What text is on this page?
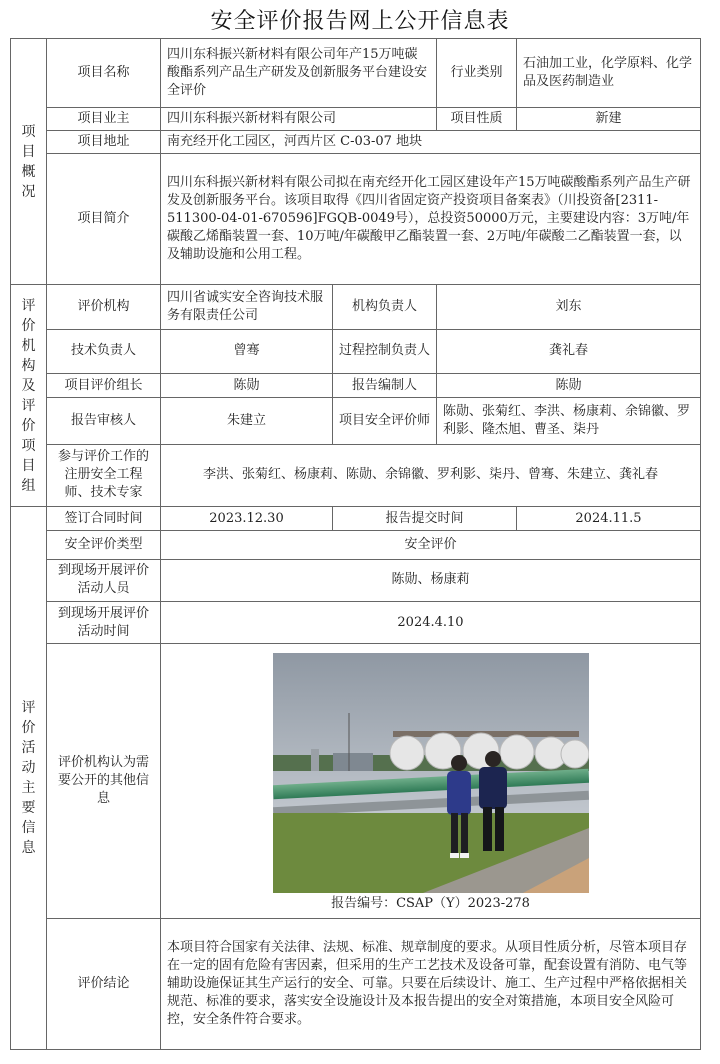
安全评价报告网上公开信息表
项目概况	项目名称	四川东科振兴新材料有限公司年产15万吨碳酸酯系列产品生产研发及创新服务平台建设安全评价		行业类别	石油加工业，化学原料、化学品及医药制造业
	项目业主	四川东科振兴新材料有限公司		项目性质	新建
	项目地址	南充经开化工园区，河西片区 C-03-07 地块			
	项目简介	四川东科振兴新材料有限公司拟在南充经开化工园区建设年产15万吨碳酸酯系列产品生产研发及创新服务平台。该项目取得《四川省固定资产投资项目备案表》（川投资备[2311-511300-04-01-670596]FGQB-0049号），总投资50000万元，主要建设内容：3万吨/年碳酸乙烯酯装置一套、10万吨/年碳酸甲乙酯装置一套、2万吨/年碳酸二乙酯装置一套，以及辅助设施和公用工程。			

评价机构及评价项目组	评价机构	四川省诚实安全咨询技术服务有限责任公司	机构负责人	刘东	
	技术负责人	曾骞	过程控制负责人	龚礼春	
	项目评价组长	陈勋	报告编制人	陈勋	
	报告审核人	朱建立	项目安全评价师	陈勋、张菊红、李洪、杨康莉、余锦徽、罗利影、隆杰旭、曹圣、柒丹	
	参与评价工作的注册安全工程师、技术专家	李洪、张菊红、杨康莉、陈勋、余锦徽、罗利影、柒丹、曾骞、朱建立、龚礼春			

评价活动主要信息	签订合同时间	2023.12.30	报告提交时间		2024.11.5
	安全评价类型	安全评价			
	到现场开展评价活动人员	陈勋、杨康莉			
	到现场开展评价活动时间	2024.4.10			
	评价机构认为需要公开的其他信息	报告编号：CSAP（Y）2023-278			

	评价结论	本项目符合国家有关法律、法规、标准、规章制度的要求。从项目性质分析，尽管本项目存在一定的固有危险有害因素，但采用的生产工艺技术及设备可靠，配套设置有消防、电气等辅助设施保证其生产运行的安全、可靠。只要在后续设计、施工、生产过程中严格依据相关规范、标准的要求，落实安全设施设计及本报告提出的安全对策措施，本项目安全风险可控，安全条件符合要求。			
